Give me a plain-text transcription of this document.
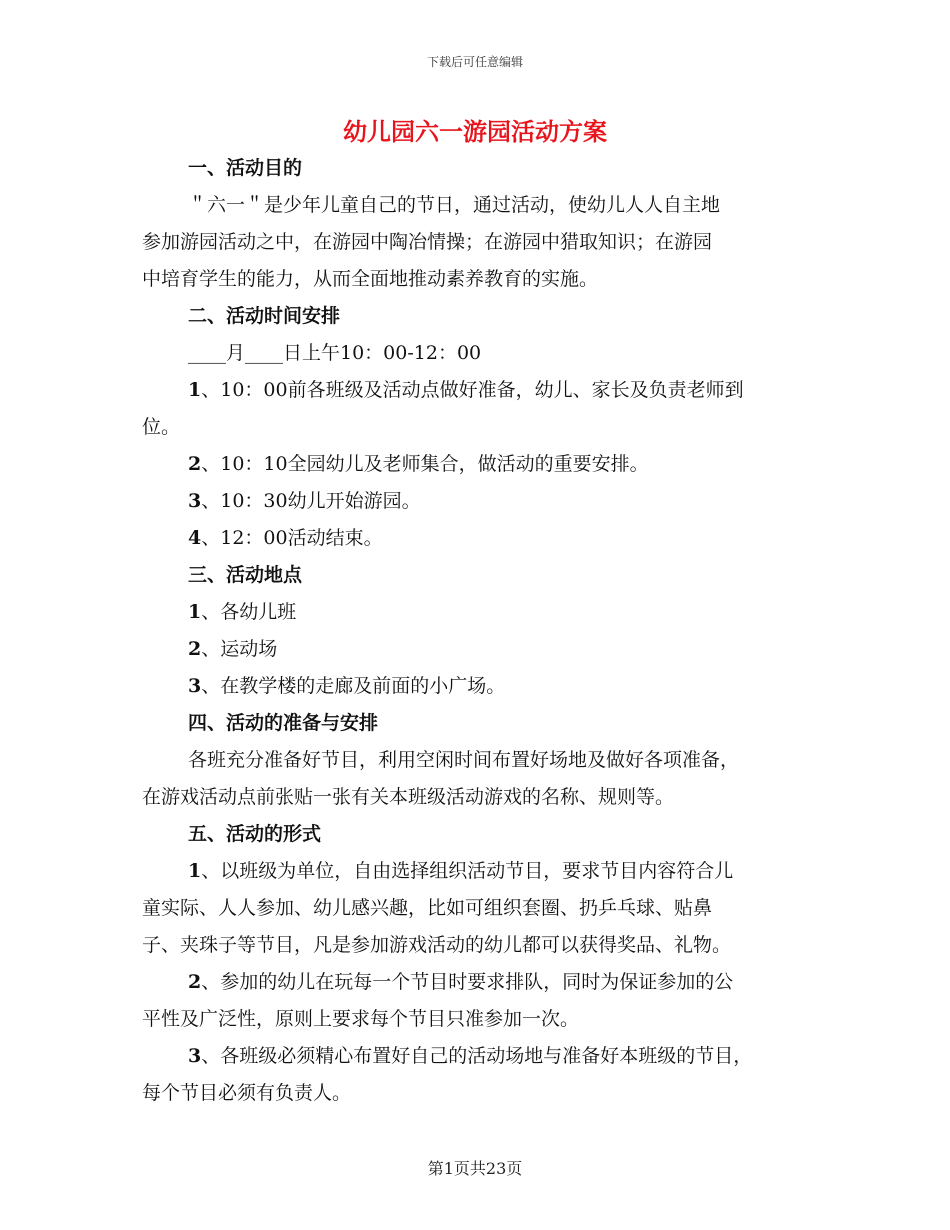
下载后可任意编辑
幼儿园六一游园活动方案
一、活动目的
＂六一＂是少年儿童自己的节日，通过活动，使幼儿人人自主地
参加游园活动之中，在游园中陶冶情操；在游园中猎取知识；在游园
中培育学生的能力，从而全面地推动素养教育的实施。
二、活动时间安排
____月____日上午10：00-12：00
1、10：00前各班级及活动点做好准备，幼儿、家长及负责老师到
位。
2、10：10全园幼儿及老师集合，做活动的重要安排。
3、10：30幼儿开始游园。
4、12：00活动结束。
三、活动地点
1、各幼儿班
2、运动场
3、在教学楼的走廊及前面的小广场。
四、活动的准备与安排
各班充分准备好节目，利用空闲时间布置好场地及做好各项准备，
在游戏活动点前张贴一张有关本班级活动游戏的名称、规则等。
五、活动的形式
1、以班级为单位，自由选择组织活动节目，要求节目内容符合儿
童实际、人人参加、幼儿感兴趣，比如可组织套圈、扔乒乓球、贴鼻
子、夹珠子等节目，凡是参加游戏活动的幼儿都可以获得奖品、礼物。
2、参加的幼儿在玩每一个节目时要求排队，同时为保证参加的公
平性及广泛性，原则上要求每个节目只准参加一次。
3、各班级必须精心布置好自己的活动场地与准备好本班级的节目，
每个节目必须有负责人。
第1页共23页
